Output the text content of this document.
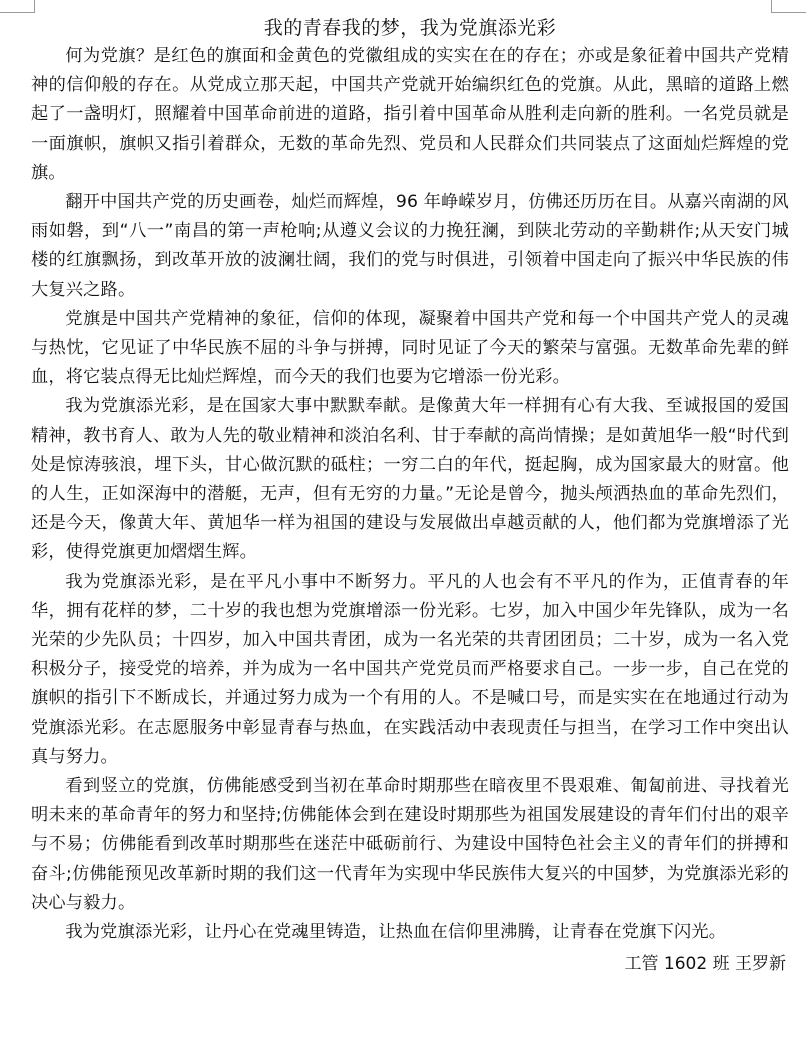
我的青春我的梦，我为党旗添光彩

何为党旗？是红色的旗面和金黄色的党徽组成的实实在在的存在；亦或是象征着中国共产党精神的信仰般的存在。从党成立那天起，中国共产党就开始编织红色的党旗。从此，黑暗的道路上燃起了一盏明灯，照耀着中国革命前进的道路，指引着中国革命从胜利走向新的胜利。一名党员就是一面旗帜，旗帜又指引着群众，无数的革命先烈、党员和人民群众们共同装点了这面灿烂辉煌的党旗。

翻开中国共产党的历史画卷，灿烂而辉煌，96 年峥嵘岁月，仿佛还历历在目。从嘉兴南湖的风雨如磐，到“八一”南昌的第一声枪响;从遵义会议的力挽狂澜，到陕北劳动的辛勤耕作;从天安门城楼的红旗飘扬，到改革开放的波澜壮阔，我们的党与时俱进，引领着中国走向了振兴中华民族的伟大复兴之路。

党旗是中国共产党精神的象征，信仰的体现，凝聚着中国共产党和每一个中国共产党人的灵魂与热忱，它见证了中华民族不屈的斗争与拼搏，同时见证了今天的繁荣与富强。无数革命先辈的鲜血，将它装点得无比灿烂辉煌，而今天的我们也要为它增添一份光彩。

我为党旗添光彩，是在国家大事中默默奉献。是像黄大年一样拥有心有大我、至诚报国的爱国精神，教书育人、敢为人先的敬业精神和淡泊名利、甘于奉献的高尚情操；是如黄旭华一般“时代到处是惊涛骇浪，埋下头，甘心做沉默的砥柱；一穷二白的年代，挺起胸，成为国家最大的财富。他的人生，正如深海中的潜艇，无声，但有无穷的力量。”无论是曾今，抛头颅洒热血的革命先烈们，还是今天，像黄大年、黄旭华一样为祖国的建设与发展做出卓越贡献的人，他们都为党旗增添了光彩，使得党旗更加熠熠生辉。

我为党旗添光彩，是在平凡小事中不断努力。平凡的人也会有不平凡的作为，正值青春的年华，拥有花样的梦，二十岁的我也想为党旗增添一份光彩。七岁，加入中国少年先锋队，成为一名光荣的少先队员；十四岁，加入中国共青团，成为一名光荣的共青团团员；二十岁，成为一名入党积极分子，接受党的培养，并为成为一名中国共产党党员而严格要求自己。一步一步，自己在党的旗帜的指引下不断成长，并通过努力成为一个有用的人。不是喊口号，而是实实在在地通过行动为党旗添光彩。在志愿服务中彰显青春与热血，在实践活动中表现责任与担当，在学习工作中突出认真与努力。

看到竖立的党旗，仿佛能感受到当初在革命时期那些在暗夜里不畏艰难、匍匐前进、寻找着光明未来的革命青年的努力和坚持;仿佛能体会到在建设时期那些为祖国发展建设的青年们付出的艰辛与不易；仿佛能看到改革时期那些在迷茫中砥砺前行、为建设中国特色社会主义的青年们的拼搏和奋斗;仿佛能预见改革新时期的我们这一代青年为实现中华民族伟大复兴的中国梦，为党旗添光彩的决心与毅力。

我为党旗添光彩，让丹心在党魂里铸造，让热血在信仰里沸腾，让青春在党旗下闪光。

工管 1602 班 王罗新
